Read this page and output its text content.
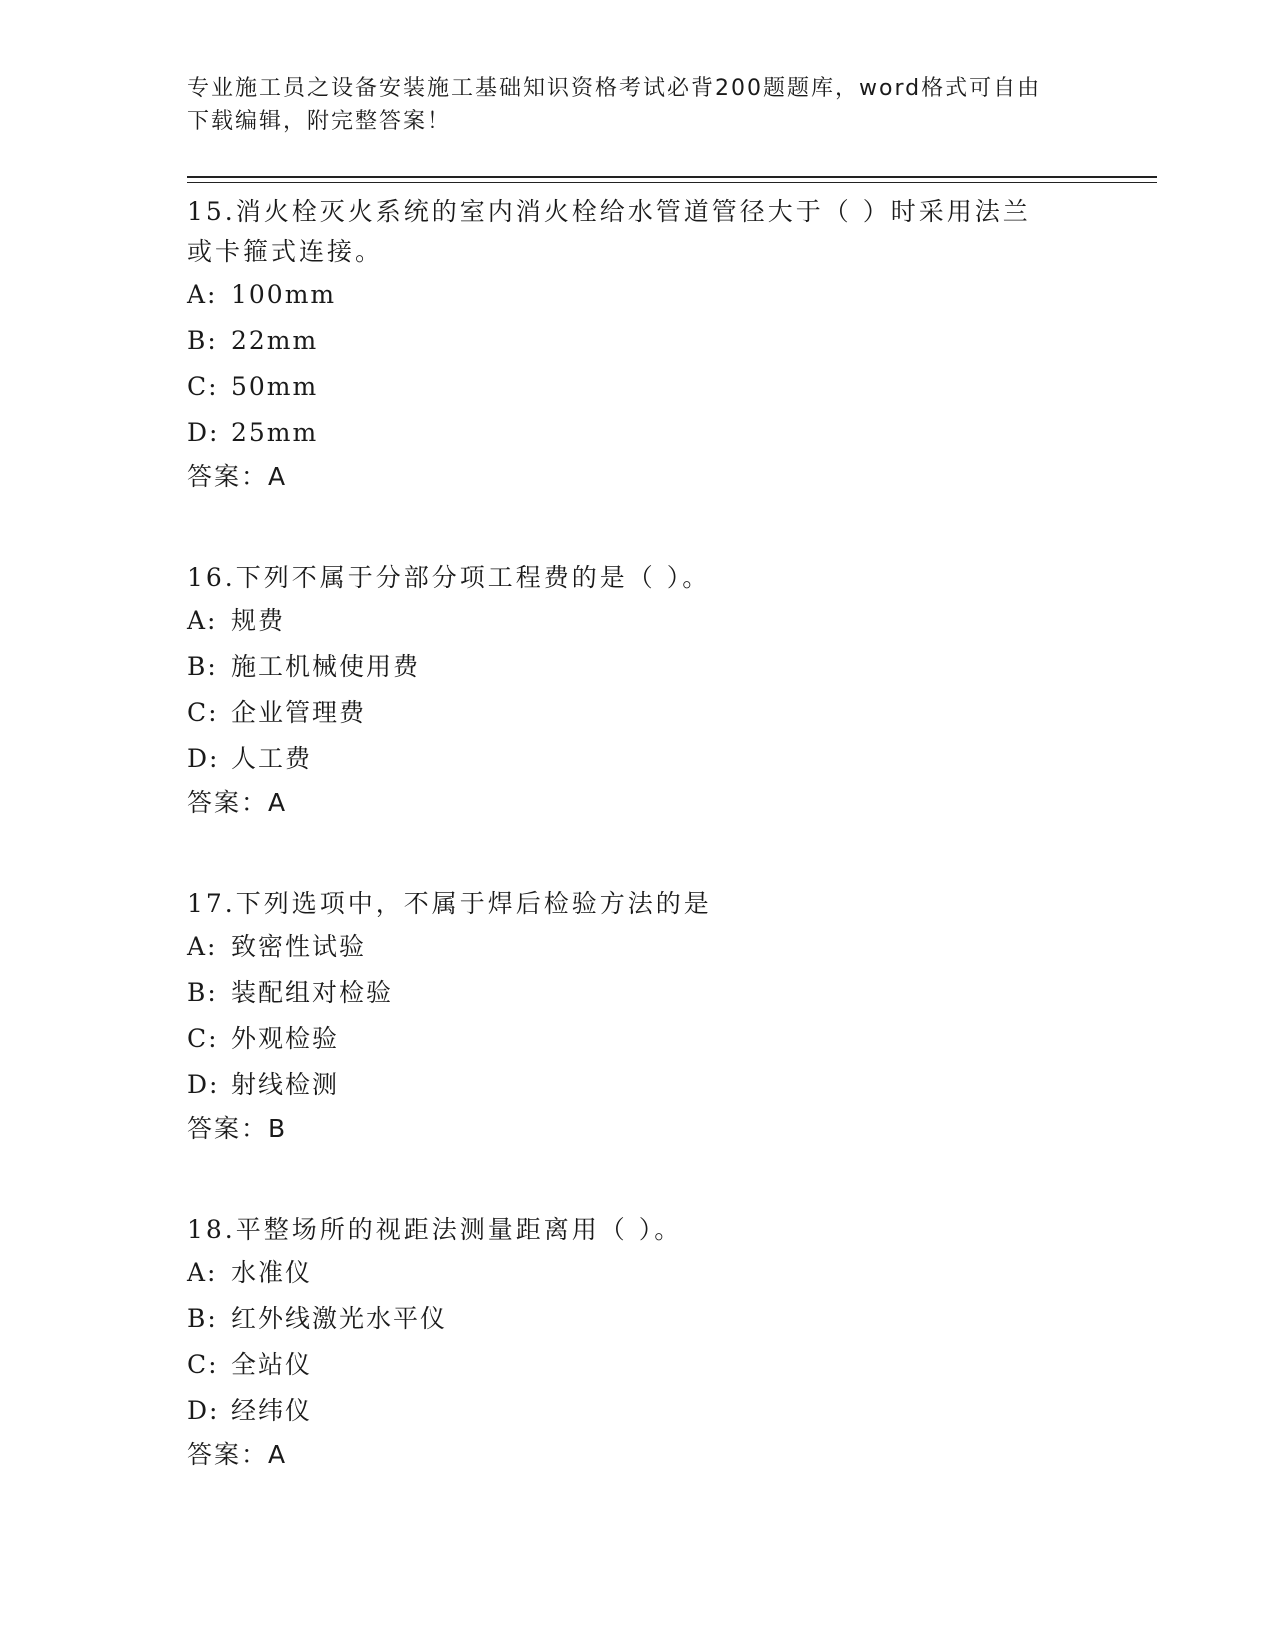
专业施工员之设备安装施工基础知识资格考试必背200题题库，word格式可自由
下载编辑，附完整答案！
15.消火栓灭火系统的室内消火栓给水管道管径大于（ ）时采用法兰
或卡箍式连接。
A: 100mm
B: 22mm
C: 50mm
D: 25mm
答案：A
16.下列不属于分部分项工程费的是（ ）。
A: 规费
B: 施工机械使用费
C: 企业管理费
D: 人工费
答案：A
17.下列选项中，不属于焊后检验方法的是
A: 致密性试验
B: 装配组对检验
C: 外观检验
D: 射线检测
答案：B
18.平整场所的视距法测量距离用（ ）。
A: 水准仪
B: 红外线激光水平仪
C: 全站仪
D: 经纬仪
答案：A
